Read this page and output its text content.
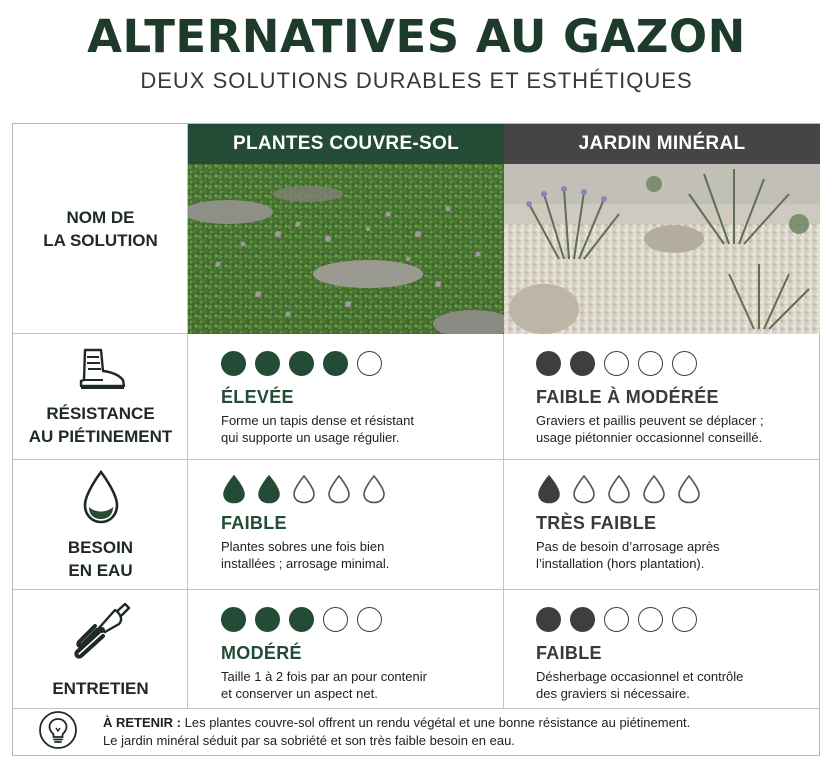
ALTERNATIVES AU GAZON
DEUX SOLUTIONS DURABLES ET ESTHÉTIQUES
PLANTES COUVRE-SOL	JARDIN MINÉRAL
NOM DE
LA SOLUTION
RÉSISTANCE
AU PIÉTINEMENT
BESOIN
EN EAU
ENTRETIEN
ÉLEVÉE
Forme un tapis dense et résistant
qui supporte un usage régulier.
FAIBLE À MODÉRÉE
Graviers et paillis peuvent se déplacer ;
usage piétonnier occasionnel conseillé.
FAIBLE
Plantes sobres une fois bien
installées ; arrosage minimal.
TRÈS FAIBLE
Pas de besoin d’arrosage après
l’installation (hors plantation).
MODÉRÉ
Taille 1 à 2 fois par an pour contenir
et conserver un aspect net.
FAIBLE
Désherbage occasionnel et contrôle
des graviers si nécessaire.
À RETENIR : Les plantes couvre-sol offrent un rendu végétal et une bonne résistance au piétinement.
Le jardin minéral séduit par sa sobriété et son très faible besoin en eau.
